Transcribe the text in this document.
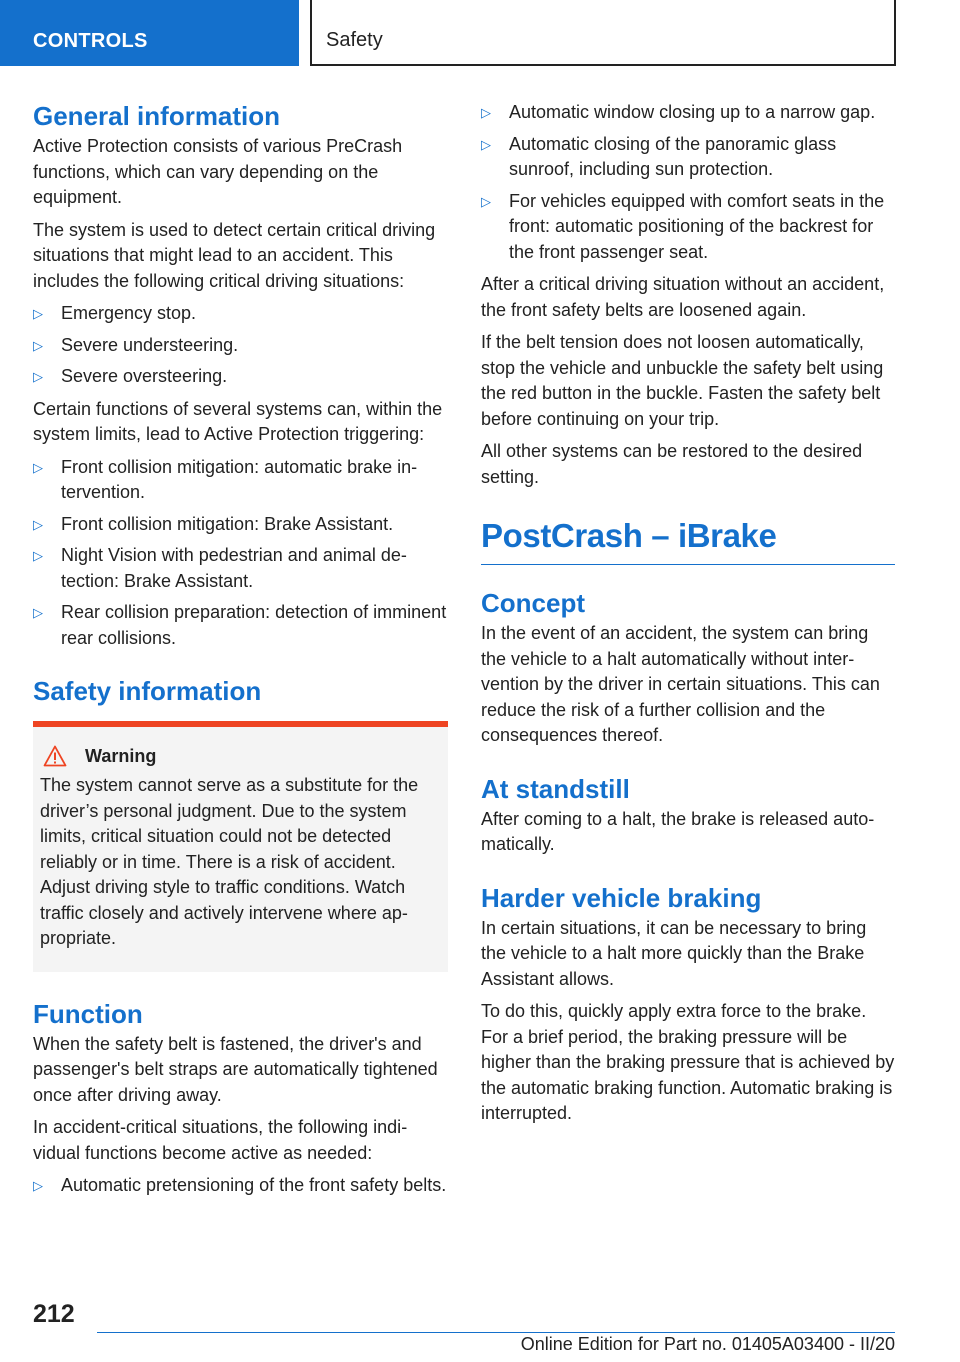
CONTROLS	Safety
General information

Active Protection consists of various PreCrash functions, which can vary depending on the equipment.

The system is used to detect certain critical driving situations that might lead to an accident. This includes the following critical driving situations:

▷ Emergency stop.
▷ Severe understeering.
▷ Severe oversteering.

Certain functions of several systems can, within the system limits, lead to Active Protection triggering:

▷ Front collision mitigation: automatic brake intervention.
▷ Front collision mitigation: Brake Assistant.
▷ Night Vision with pedestrian and animal detection: Brake Assistant.
▷ Rear collision preparation: detection of imminent rear collisions.
Safety information
Warning

The system cannot serve as a substitute for the driver’s personal judgment. Due to the system limits, critical situation could not be detected reliably or in time. There is a risk of accident. Adjust driving style to traffic conditions. Watch traffic closely and actively intervene where appropriate.

Function

When the safety belt is fastened, the driver's and passenger's belt straps are automatically tightened once after driving away.

In accident-critical situations, the following individual functions become active as needed:

▷ Automatic pretensioning of the front safety belts.
▷ Automatic window closing up to a narrow gap.
▷ Automatic closing of the panoramic glass sunroof, including sun protection.
▷ For vehicles equipped with comfort seats in the front: automatic positioning of the backrest for the front passenger seat.

After a critical driving situation without an accident, the front safety belts are loosened again.

If the belt tension does not loosen automatically, stop the vehicle and unbuckle the safety belt using the red button in the buckle. Fasten the safety belt before continuing on your trip.

All other systems can be restored to the desired setting.

PostCrash – iBrake
Concept

In the event of an accident, the system can bring the vehicle to a halt automatically without intervention by the driver in certain situations. This can reduce the risk of a further collision and the consequences thereof.

At standstill

After coming to a halt, the brake is released automatically.

Harder vehicle braking

In certain situations, it can be necessary to bring the vehicle to a halt more quickly than the Brake Assistant allows.

To do this, quickly apply extra force to the brake. For a brief period, the braking pressure will be higher than the braking pressure that is achieved by the automatic braking function. Automatic braking is interrupted.

212
Online Edition for Part no. 01405A03400 - II/20
